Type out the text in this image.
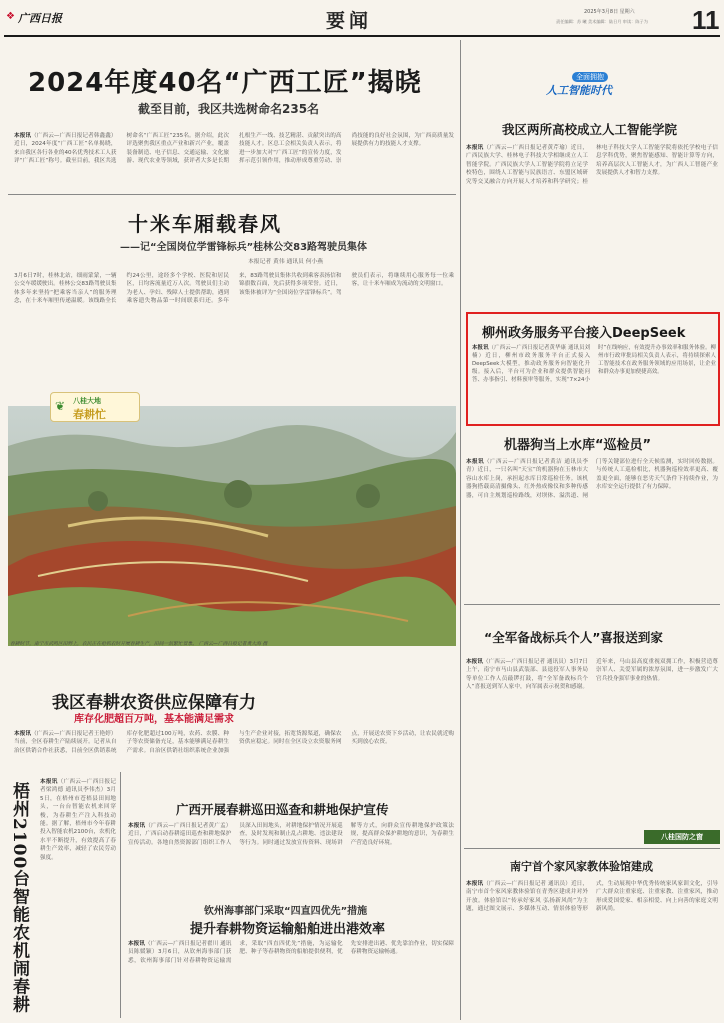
❖ 广西日报	要闻	2025年3月8日 星期六
责任编辑：苏 曦 美术编辑：陆日月 审读：陈子为 11
2024年度40名“广西工匠”揭晓
截至目前，我区共选树命名235名
本报讯（广西云—广西日报记者韩鑫鑫）近日，2024年度“广西工匠”名单揭晓，来自我区各行各业的40名优秀技术工人获评“广西工匠”称号。截至目前，我区共选树命名“广西工匠”235名。据介绍，此次评选聚焦我区重点产业和新兴产业，覆盖装备制造、电子信息、交通运输、文化旅游、现代农业等领域，获评者大多是长期扎根生产一线、技艺精湛、贡献突出的高技能人才。区总工会相关负责人表示，将进一步加大对“广西工匠”的宣传力度，发挥示范引领作用，推动形成尊重劳动、崇尚技能的良好社会氛围，为广西高质量发展提供有力的技能人才支撑。
十米车厢载春风
——记“全国岗位学雷锋标兵”桂林公交83路驾驶员集体
本报记者 黄伟 通讯员 何小燕
3月6日7时，桂林北站，细雨蒙蒙，一辆公交车缓缓驶出。桂林公交83路驾驶员集体多年来坚持“把乘客当亲人”的服务理念，在十米车厢里传递温暖。该线路全长约24公里，途经多个学校、医院和居民区，日均客流量近万人次。驾驶员们主动为老人、孕妇、残障人士提供帮助，遇到乘客遗失物品第一时间联系归还。多年来，83路驾驶员集体共收到乘客表扬信和锦旗数百面，先后获得多项荣誉。近日，该集体被评为“全国岗位学雷锋标兵”。驾驶员们表示，将继续用心服务每一位乘客，让十米车厢成为流动的文明窗口。
❦ 八桂大地
春耕忙
春耕时节，南宁市武鸣区田野上，农民正在抢抓农时开展春耕生产，田间一派繁忙景象。 广西云—广西日报记者黄大海 摄
我区春耕农资供应保障有力
库存化肥超百万吨，基本能满足需求
本报讯（广西云—广西日报记者王艳婷）当前，全区春耕生产陆续展开。记者从自治区供销合作社获悉，目前全区供销系统库存化肥超过100万吨，农药、农膜、种子等农资储备充足，基本能够满足春耕生产需求。自治区供销社组织系统企业加强与生产企业对接，拓宽货源渠道，确保农资供应稳定。同时在全区设立农资服务网点，开展送农资下乡活动，让农民就近购买到放心农资。
梧州2100台智能农机闹春耕	本报讯（广西云—广西日报记者梁鸿德 通讯员李伟杰）3月5日，在梧州市苍梧县田间地头，一台台智能农机来回穿梭，为春耕生产注入科技动能。据了解，梧州市今年春耕投入智能农机2100台，农机化水平不断提升，有效提高了春耕生产效率，减轻了农民劳动强度。
广西开展春耕巡田巡查和耕地保护宣传
本报讯（广西云—广西日报记者黄广孟）近日，广西启动春耕巡田巡查和耕地保护宣传活动。各地自然资源部门组织工作人员深入田间地头，对耕地保护情况开展巡查，及时发现和制止乱占耕地、违法建设等行为。同时通过发放宣传资料、现场讲解等方式，向群众宣传耕地保护政策法规，提高群众保护耕地的意识，为春耕生产营造良好环境。
钦州海事部门采取“四直四优先”措施
提升春耕物资运输船舶进出港效率
本报讯（广西云—广西日报记者翟川 通讯员陈媛颖）3月6日，从钦州海事部门获悉，钦州海事部门针对春耕物资运输需求，采取“四直四优先”措施，为运输化肥、种子等春耕物资的船舶提供便利，优先安排进出港、优先靠泊作业，切实保障春耕物资运输畅通。
全面拥抱
人工智能时代
我区两所高校成立人工智能学院
本报讯（广西云—广西日报记者黄芹瑜）近日，广西民族大学、桂林电子科技大学相继成立人工智能学院。广西民族大学人工智能学院将立足学校特色，围绕人工智能与民族语言、东盟区域研究等交叉融合方向开展人才培养和科学研究；桂林电子科技大学人工智能学院将依托学校电子信息学科优势，聚焦智能感知、智能计算等方向，培养高层次人工智能人才，为广西人工智能产业发展提供人才和智力支撑。
柳州政务服务平台接入DeepSeek
本报讯（广西云—广西日报记者黄华康 通讯员刘楠）近日，柳州市政务服务平台正式接入DeepSeek大模型，推动政务服务向智能化升级。接入后，平台可为企业和群众提供智能问答、办事指引、材料预审等服务，实现“7×24小时”在线响应，有效提升办事效率和服务体验。柳州市行政审批局相关负责人表示，将持续探索人工智能技术在政务服务领域的应用场景，让企业和群众办事更加便捷高效。
机器狗当上水库“巡检员”
本报讯（广西云—广西日报记者黄洁 通讯员李青）近日，一只名叫“天宝”的机器狗在玉林市大容山水库上岗，承担起水库日常巡检任务。该机器狗搭载高清摄像头、红外热成像仪和多种传感器，可自主规划巡检路线，对坝体、溢洪道、闸门等关键部位进行全天候监测，实时回传数据。与传统人工巡检相比，机器狗巡检效率更高、覆盖更全面，能够在恶劣天气条件下持续作业，为水库安全运行提供了有力保障。
“全军备战标兵个人”喜报送到家
本报讯（广西云—广西日报记者 通讯员）3月7日上午，南宁市马山县武装部、县退役军人事务局等单位工作人员敲锣打鼓，将“全军备战标兵个人”喜报送到军人家中，向军属表示祝贺和感谢。近年来，马山县高度重视双拥工作，积极营造尊崇军人、关爱军属的浓厚氛围，进一步激发广大官兵投身强军事业的热情。
八桂国防之窗
南宁首个家风家教体验馆建成
本报讯（广西云—广西日报记者 通讯员）近日，南宁市首个家风家教体验馆在青秀区建成并对外开放。体验馆以“传承好家风 弘扬新风尚”为主题，通过图文展示、多媒体互动、情景体验等形式，生动展现中华优秀传统家风家训文化，引导广大群众注重家庭、注重家教、注重家风，推动形成爱国爱家、相亲相爱、向上向善的家庭文明新风尚。
